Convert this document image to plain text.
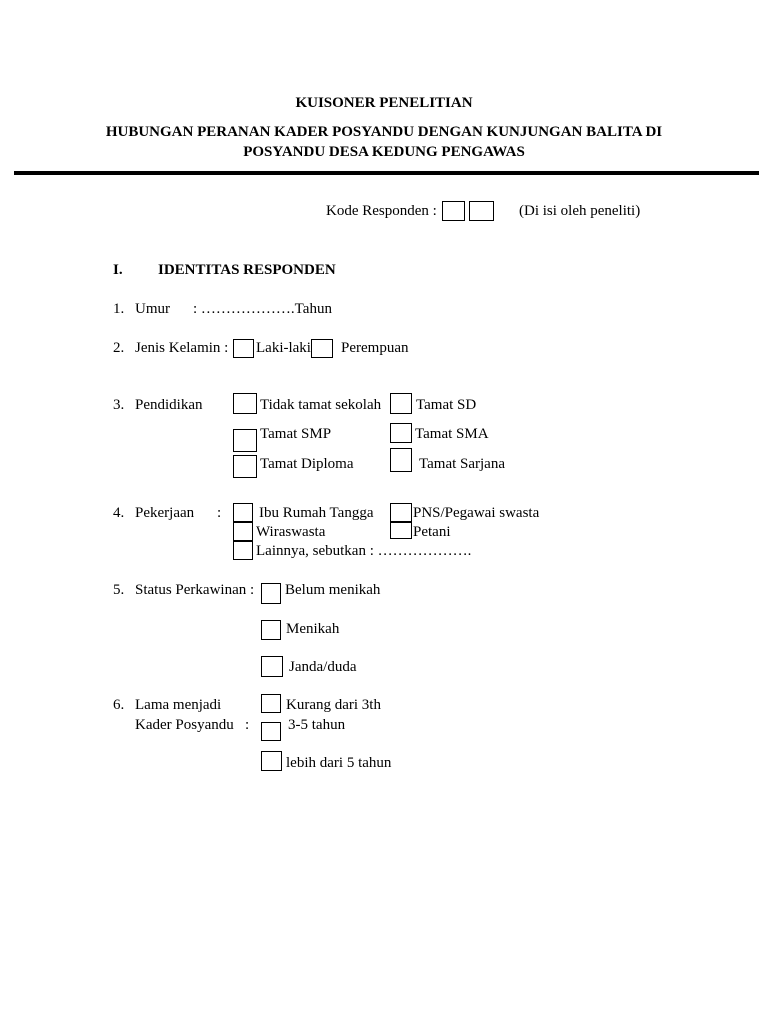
KUISONER PENELITIAN
HUBUNGAN PERANAN KADER POSYANDU DENGAN KUNJUNGAN BALITA DI
POSYANDU DESA KEDUNG PENGAWAS
Kode Responden :	(Di isi oleh peneliti)
I. IDENTITAS RESPONDEN
1. Umur : ……………….Tahun
2. Jenis Kelamin : Laki-laki Perempuan
3. Pendidikan	Tidak tamat sekolah Tamat SD
Tamat SMP	Tamat SMA
Tamat Diploma	Tamat Sarjana
4. Pekerjaan :	Ibu Rumah Tangga	PNS/Pegawai swasta
Wiraswasta	Petani
Lainnya, sebutkan : ……………….
5. Status Perkawinan : Belum menikah
Menikah
Janda/duda
6. Lama menjadi
Kader Posyandu   :
Kurang dari 3th
3-5 tahun
lebih dari 5 tahun
